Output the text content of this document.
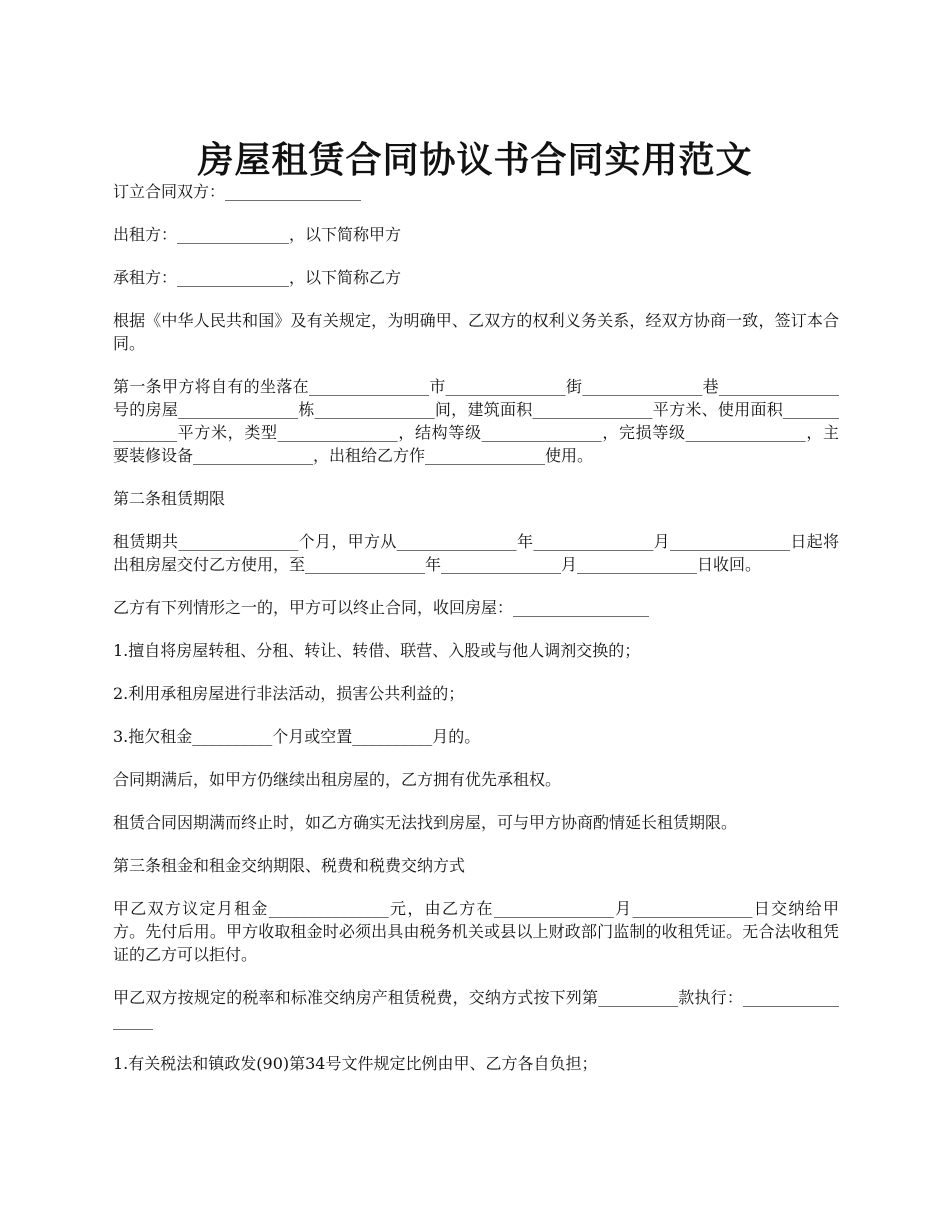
房屋租赁合同协议书合同实用范文

订立合同双方：_________________

出租方：______________，以下简称甲方

承租方：______________，以下简称乙方

根据《中华人民共和国》及有关规定，为明确甲、乙双方的权利义务关系，经双方协商一致，签订本合同。

第一条甲方将自有的坐落在_______________市_______________街_______________巷_______________号的房屋_______________栋_______________间，建筑面积_______________平方米、使用面积_______________平方米，类型_______________，结构等级_______________，完损等级_______________，主要装修设备_______________，出租给乙方作_______________使用。

第二条租赁期限

租赁期共_______________个月，甲方从_______________年_______________月_______________日起将出租房屋交付乙方使用，至_______________年_______________月_______________日收回。

乙方有下列情形之一的，甲方可以终止合同，收回房屋：_________________

1.擅自将房屋转租、分租、转让、转借、联营、入股或与他人调剂交换的；

2.利用承租房屋进行非法活动，损害公共利益的；

3.拖欠租金__________个月或空置__________月的。

合同期满后，如甲方仍继续出租房屋的，乙方拥有优先承租权。

租赁合同因期满而终止时，如乙方确实无法找到房屋，可与甲方协商酌情延长租赁期限。

第三条租金和租金交纳期限、税费和税费交纳方式

甲乙双方议定月租金_______________元，由乙方在_______________月_______________日交纳给甲方。先付后用。甲方收取租金时必须出具由税务机关或县以上财政部门监制的收租凭证。无合法收租凭证的乙方可以拒付。

甲乙双方按规定的税率和标准交纳房产租赁税费，交纳方式按下列第__________款执行：_________________

1.有关税法和镇政发(90)第34号文件规定比例由甲、乙方各自负担；
